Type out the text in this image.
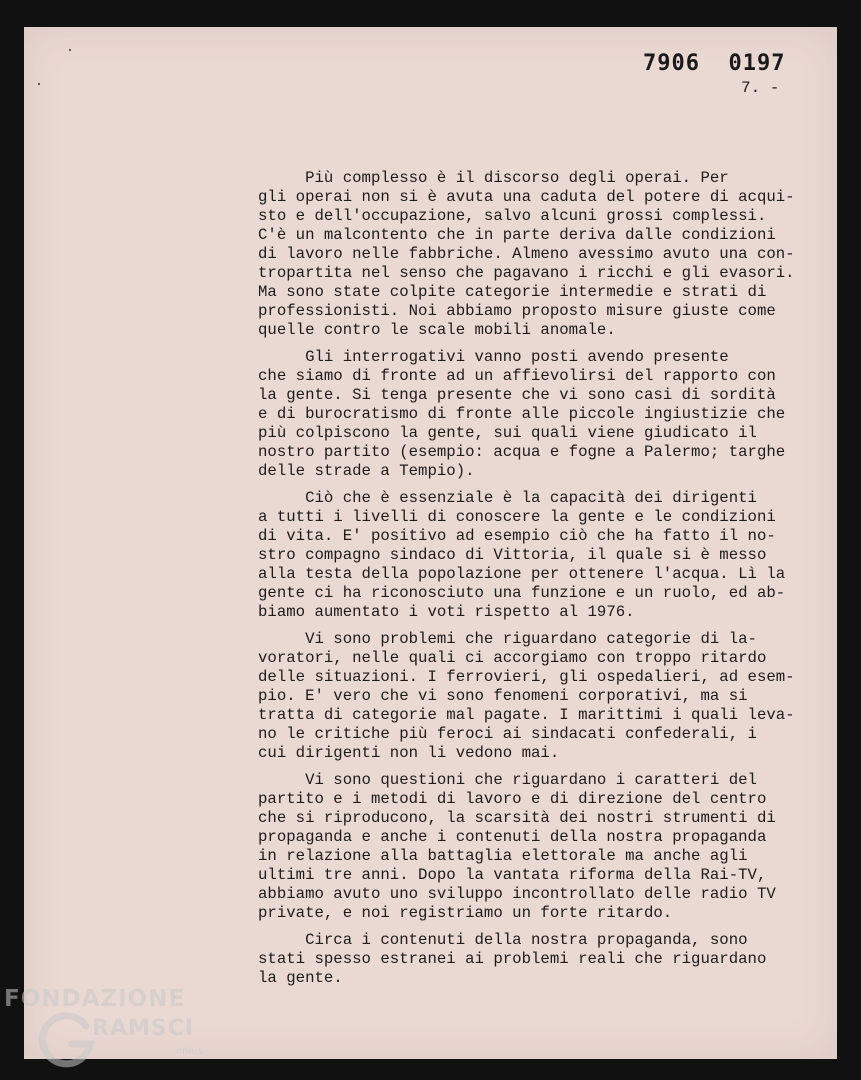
7906  0197
7. -
Più complesso è il discorso degli operai. Per
gli operai non si è avuta una caduta del potere di acqui-
sto e dell'occupazione, salvo alcuni grossi complessi.
C'è un malcontento che in parte deriva dalle condizioni
di lavoro nelle fabbriche. Almeno avessimo avuto una con-
tropartita nel senso che pagavano i ricchi e gli evasori.
Ma sono state colpite categorie intermedie e strati di
professionisti. Noi abbiamo proposto misure giuste come
quelle contro le scale mobili anomale.
Gli interrogativi vanno posti avendo presente
che siamo di fronte ad un affievolirsi del rapporto con
la gente. Si tenga presente che vi sono casi di sordità
e di burocratismo di fronte alle piccole ingiustizie che
più colpiscono la gente, sui quali viene giudicato il
nostro partito (esempio: acqua e fogne a Palermo; targhe
delle strade a Tempio).
Ciò che è essenziale è la capacità dei dirigenti
a tutti i livelli di conoscere la gente e le condizioni
di vita. E' positivo ad esempio ciò che ha fatto il no-
stro compagno sindaco di Vittoria, il quale si è messo
alla testa della popolazione per ottenere l'acqua. Lì la
gente ci ha riconosciuto una funzione e un ruolo, ed ab-
biamo aumentato i voti rispetto al 1976.
Vi sono problemi che riguardano categorie di la-
voratori, nelle quali ci accorgiamo con troppo ritardo
delle situazioni. I ferrovieri, gli ospedalieri, ad esem-
pio. E' vero che vi sono fenomeni corporativi, ma si
tratta di categorie mal pagate. I marittimi i quali leva-
no le critiche più feroci ai sindacati confederali, i
cui dirigenti non li vedono mai.
Vi sono questioni che riguardano i caratteri del
partito e i metodi di lavoro e di direzione del centro
che si riproducono, la scarsità dei nostri strumenti di
propaganda e anche i contenuti della nostra propaganda
in relazione alla battaglia elettorale ma anche agli
ultimi tre anni. Dopo la vantata riforma della Rai-TV,
abbiamo avuto uno sviluppo incontrollato delle radio TV
private, e noi registriamo un forte ritardo.
Circa i contenuti della nostra propaganda, sono
stati spesso estranei ai problemi reali che riguardano
la gente.
FONDAZIONE
RAMSCI
onlus
